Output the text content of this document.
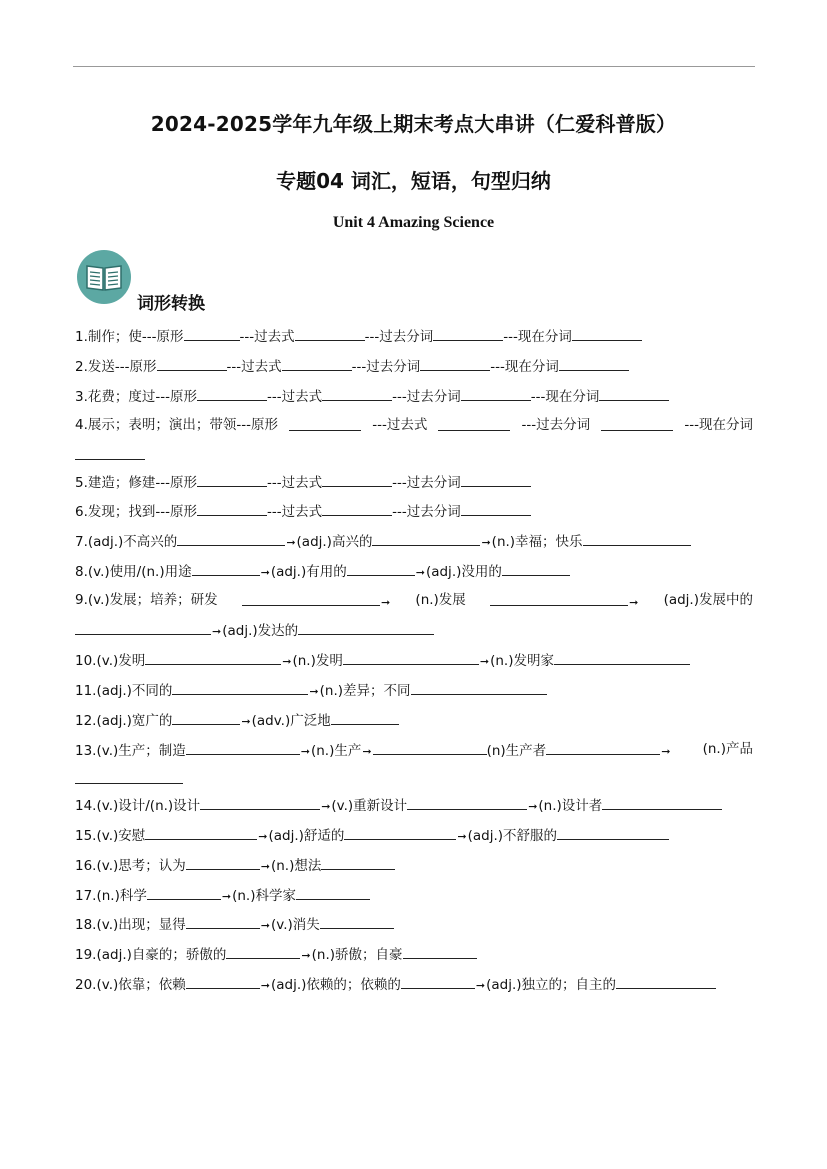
2024-2025学年九年级上期末考点大串讲（仁爱科普版）
专题04 词汇，短语，句型归纳
Unit 4 Amazing Science
词形转换
1.制作；使---原形	---过去式	---过去分词	---现在分词
2.发送---原形	---过去式	---过去分词	---现在分词
3.花费；度过---原形	---过去式	---过去分词	---现在分词
4.展示；表明；演出；带领---原形	---过去式	---过去分词	---现在分词
5.建造；修建---原形	---过去式	---过去分词
6.发现；找到---原形	---过去式	---过去分词
7.(adj.)不高兴的	➞(adj.)高兴的	➞(n.)幸福；快乐
8.(v.)使用/(n.)用途	➞(adj.)有用的	➞(adj.)没用的
9.(v.)发展；培养；研发	➞ (n.)发展	➞ (adj.)发展中的
➞(adj.)发达的
10.(v.)发明	➞(n.)发明	➞(n.)发明家
11.(adj.)不同的	➞(n.)差异；不同
12.(adj.)宽广的	➞(adv.)广泛地
13.(v.)生产；制造	➞(n.)生产➞	(n)生产者	➞ (n.)产品
14.(v.)设计/(n.)设计	➞(v.)重新设计	➞(n.)设计者
15.(v.)安慰	➞(adj.)舒适的	➞(adj.)不舒服的
16.(v.)思考；认为	➞(n.)想法
17.(n.)科学	➞(n.)科学家
18.(v.)出现；显得	➞(v.)消失
19.(adj.)自豪的；骄傲的	➞(n.)骄傲；自豪
20.(v.)依靠；依赖	➞(adj.)依赖的；依赖的	➞(adj.)独立的；自主的
